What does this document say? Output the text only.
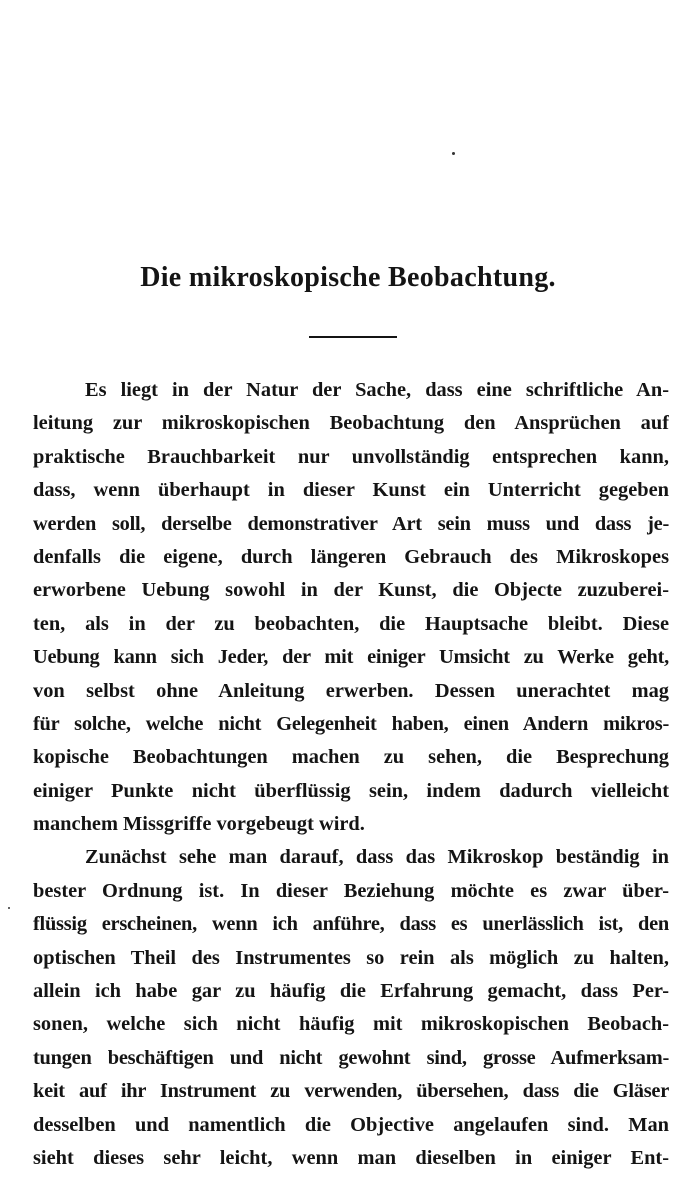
Die mikroskopische Beobachtung.
Es liegt in der Natur der Sache, dass eine schriftliche An-
leitung zur mikroskopischen Beobachtung den Ansprüchen auf
praktische Brauchbarkeit nur unvollständig entsprechen kann,
dass, wenn überhaupt in dieser Kunst ein Unterricht gegeben
werden soll, derselbe demonstrativer Art sein muss und dass je-
denfalls die eigene, durch längeren Gebrauch des Mikroskopes
erworbene Uebung sowohl in der Kunst, die Objecte zuzuberei-
ten, als in der zu beobachten, die Hauptsache bleibt. Diese
Uebung kann sich Jeder, der mit einiger Umsicht zu Werke geht,
von selbst ohne Anleitung erwerben. Dessen unerachtet mag
für solche, welche nicht Gelegenheit haben, einen Andern mikros-
kopische Beobachtungen machen zu sehen, die Besprechung
einiger Punkte nicht überflüssig sein, indem dadurch vielleicht
manchem Missgriffe vorgebeugt wird.
Zunächst sehe man darauf, dass das Mikroskop beständig in
bester Ordnung ist. In dieser Beziehung möchte es zwar über-
flüssig erscheinen, wenn ich anführe, dass es unerlässlich ist, den
optischen Theil des Instrumentes so rein als möglich zu halten,
allein ich habe gar zu häufig die Erfahrung gemacht, dass Per-
sonen, welche sich nicht häufig mit mikroskopischen Beobach-
tungen beschäftigen und nicht gewohnt sind, grosse Aufmerksam-
keit auf ihr Instrument zu verwenden, übersehen, dass die Gläser
desselben und namentlich die Objective angelaufen sind. Man
sieht dieses sehr leicht, wenn man dieselben in einiger Ent-
